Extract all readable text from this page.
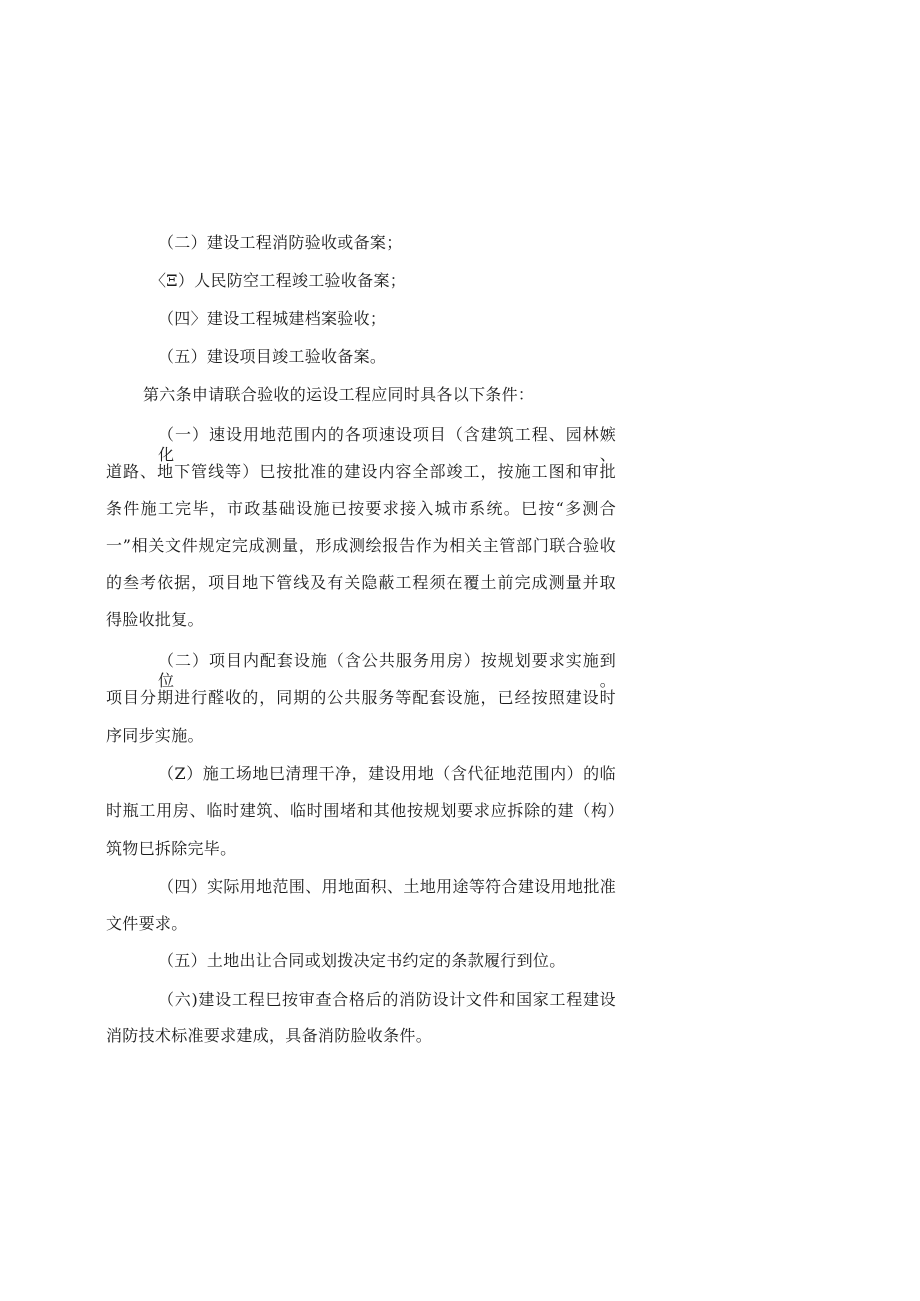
（二）建设工程消防验收或备案；
〈Ξ）人民防空工程竣工验收备案；
（四〉建设工程城建档案验收；
（五）建设项目竣工验收备案。
第六条申请联合验收的运设工程应同时具各以下条件：
（一）速设用地范围内的各项速设项目（含建筑工程、园林嫉化、
道路、地下管线等）巳按批准的建设内容全部竣工，按施工图和审批
条件施工完毕，市政基础设施已按要求接入城市系统。巳按“多测合
一”相关文件规定完成测量，形成测绘报告作为相关主管部门联合验收
的叁考依据，项目地下管线及有关隐蔽工程须在覆土前完成测量并取
得脸收批复。
（二）项目内配套设施（含公共服务用房）按规划要求实施到位。
项目分期进行醛收的，同期的公共服务等配套设施，已经按照建设时
序同步实施。
（Z）施工场地巳清理干净，建设用地（含代征地范围内）的临
时瓶工用房、临时建筑、临时围堵和其他按规划要求应拆除的建（构）
筑物巳拆除完毕。
（四）实际用地范围、用地面积、土地用途等符合建设用地批准
文件要求。
（五）土地出让合同或划拨决定书约定的条款履行到位。
（六)建设工程巳按审查合格后的消防设计文件和国家工程建设
消防技术标准要求建成，具备消防脸收条件。
